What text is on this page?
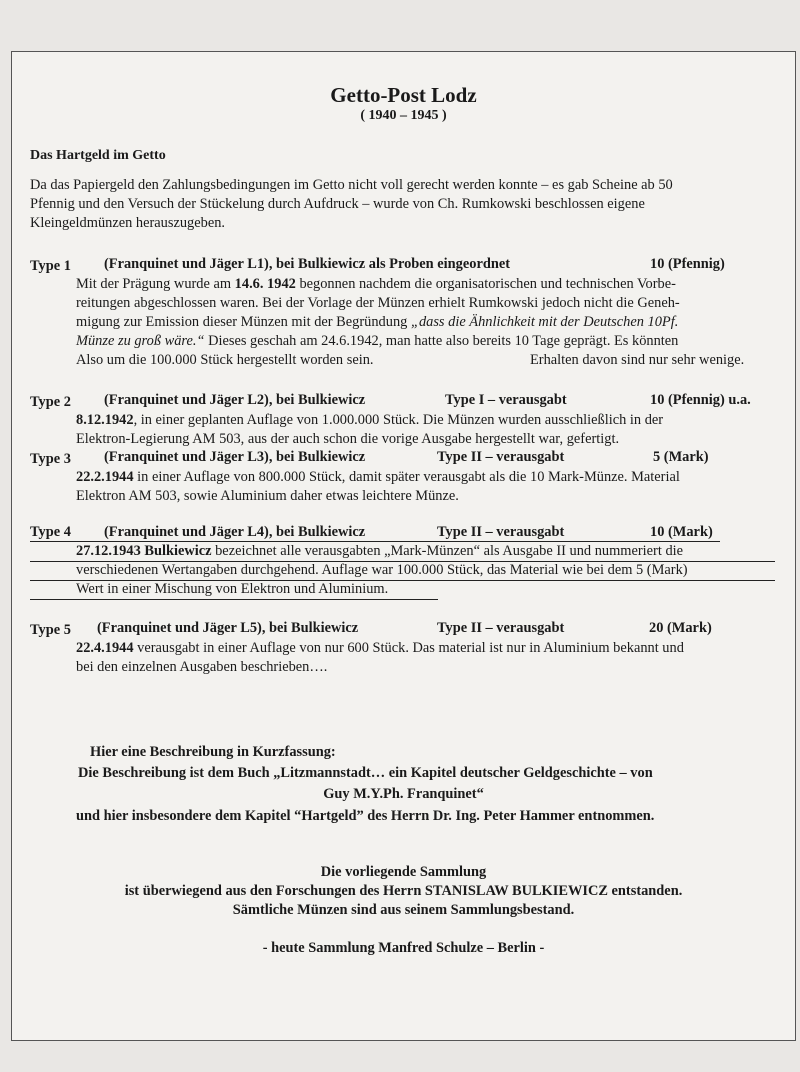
Getto-Post Lodz
( 1940 – 1945 )
Das Hartgeld im Getto
Da das Papiergeld den Zahlungsbedingungen im Getto nicht voll gerecht werden konnte – es gab Scheine ab 50
Pfennig und den Versuch der Stückelung durch Aufdruck – wurde von Ch. Rumkowski beschlossen eigene
Kleingeldmünzen herauszugeben.
Type 1 (Franquinet und Jäger L1), bei Bulkiewicz als Proben eingeordnet	10 (Pfennig)
Mit der Prägung wurde am 14.6. 1942 begonnen nachdem die organisatorischen und technischen Vorbe-
reitungen abgeschlossen waren. Bei der Vorlage der Münzen erhielt Rumkowski jedoch nicht die Geneh-
migung zur Emission dieser Münzen mit der Begründung „dass die Ähnlichkeit mit der Deutschen 10Pf.
Münze zu groß wäre.“ Dieses geschah am 24.6.1942, man hatte also bereits 10 Tage geprägt. Es könnten
Also um die 100.000 Stück hergestellt worden sein.	Erhalten davon sind nur sehr wenige.
Type 2 (Franquinet und Jäger L2), bei Bulkiewicz	Type I – verausgabt	10 (Pfennig) u.a.
8.12.1942, in einer geplanten Auflage von 1.000.000 Stück. Die Münzen wurden ausschließlich in der
Elektron-Legierung AM 503, aus der auch schon die vorige Ausgabe hergestellt war, gefertigt.
Type 3 (Franquinet und Jäger L3), bei Bulkiewicz	Type II – verausgabt	5 (Mark)
22.2.1944 in einer Auflage von 800.000 Stück, damit später verausgabt als die 10 Mark-Münze. Material
Elektron AM 503, sowie Aluminium daher etwas leichtere Münze.
Type 4 (Franquinet und Jäger L4), bei Bulkiewicz	Type II – verausgabt	10 (Mark)
27.12.1943 Bulkiewicz bezeichnet alle verausgabten „Mark-Münzen“ als Ausgabe II und nummeriert die
verschiedenen Wertangaben durchgehend. Auflage war 100.000 Stück, das Material wie bei dem 5 (Mark)
Wert in einer Mischung von Elektron und Aluminium.
Type 5 (Franquinet und Jäger L5), bei Bulkiewicz	Type II – verausgabt	20 (Mark)
22.4.1944 verausgabt in einer Auflage von nur 600 Stück. Das material ist nur in Aluminium bekannt und
bei den einzelnen Ausgaben beschrieben….
Hier eine Beschreibung in Kurzfassung:
Die Beschreibung ist dem Buch „Litzmannstadt… ein Kapitel deutscher Geldgeschichte – von
Guy M.Y.Ph. Franquinet“
und hier insbesondere dem Kapitel “Hartgeld” des Herrn Dr. Ing. Peter Hammer entnommen.
Die vorliegende Sammlung
ist überwiegend aus den Forschungen des Herrn STANISLAW BULKIEWICZ entstanden.
Sämtliche Münzen sind aus seinem Sammlungsbestand.
- heute Sammlung Manfred Schulze – Berlin -
